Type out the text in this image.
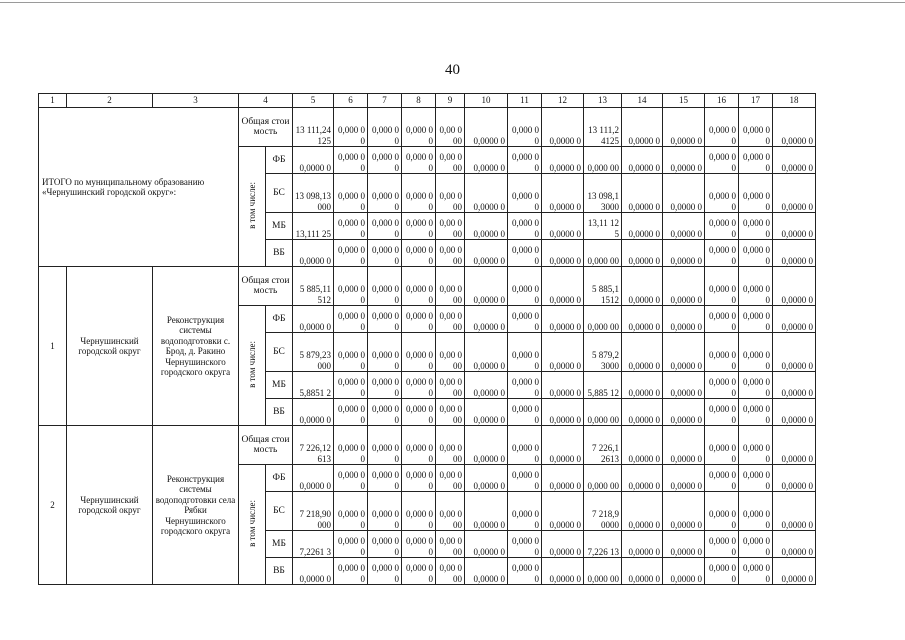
40
1	2	3	4		5	6	7	8	9	10	11	12	13	14	15	16	17	18
ИТОГО по муниципальному образованию «Чернушинский городской округ»:			Общая стоимость		13 111,24 125	0,000 00	0,000 00	0,000 00	0,00 000	0,0000 0	0,000 00	0,0000 0	13 111,2 4125	0,0000 0	0,0000 0	0,000 00	0,000 00	0,0000 0
			в том числе:	ФБ	0,0000 0	0,000 00	0,000 00	0,000 00	0,00 000	0,0000 0	0,000 00	0,0000 0	0,000 00	0,0000 0	0,0000 0	0,000 00	0,000 00	0,0000 0
				БС	13 098,13 000	0,000 00	0,000 00	0,000 00	0,00 000	0,0000 0	0,000 00	0,0000 0	13 098,1 3000	0,0000 0	0,0000 0	0,000 00	0,000 00	0,0000 0
				МБ	13,111 25	0,000 00	0,000 00	0,000 00	0,00 000	0,0000 0	0,000 00	0,0000 0	13,11 125	0,0000 0	0,0000 0	0,000 00	0,000 00	0,0000 0
				ВБ	0,0000 0	0,000 00	0,000 00	0,000 00	0,00 000	0,0000 0	0,000 00	0,0000 0	0,000 00	0,0000 0	0,0000 0	0,000 00	0,000 00	0,0000 0
1	Чернушинский городской округ	Реконструкция системы водоподготовки с. Брод, д. Ракино Чернушинского городского округа	Общая стоимость		5 885,11 512	0,000 00	0,000 00	0,000 00	0,00 000	0,0000 0	0,000 00	0,0000 0	5 885,1 1512	0,0000 0	0,0000 0	0,000 00	0,000 00	0,0000 0
			в том числе:	ФБ	0,0000 0	0,000 00	0,000 00	0,000 00	0,00 000	0,0000 0	0,000 00	0,0000 0	0,000 00	0,0000 0	0,0000 0	0,000 00	0,000 00	0,0000 0
				БС	5 879,23 000	0,000 00	0,000 00	0,000 00	0,00 000	0,0000 0	0,000 00	0,0000 0	5 879,2 3000	0,0000 0	0,0000 0	0,000 00	0,000 00	0,0000 0
				МБ	5,8851 2	0,000 00	0,000 00	0,000 00	0,00 000	0,0000 0	0,000 00	0,0000 0	5,885 12	0,0000 0	0,0000 0	0,000 00	0,000 00	0,0000 0
				ВБ	0,0000 0	0,000 00	0,000 00	0,000 00	0,00 000	0,0000 0	0,000 00	0,0000 0	0,000 00	0,0000 0	0,0000 0	0,000 00	0,000 00	0,0000 0
2	Чернушинский городской округ	Реконструкция системы водоподготовки села Рябки Чернушинского городского округа	Общая стоимость		7 226,12 613	0,000 00	0,000 00	0,000 00	0,00 000	0,0000 0	0,000 00	0,0000 0	7 226,1 2613	0,0000 0	0,0000 0	0,000 00	0,000 00	0,0000 0
			в том числе:	ФБ	0,0000 0	0,000 00	0,000 00	0,000 00	0,00 000	0,0000 0	0,000 00	0,0000 0	0,000 00	0,0000 0	0,0000 0	0,000 00	0,000 00	0,0000 0
				БС	7 218,90 000	0,000 00	0,000 00	0,000 00	0,00 000	0,0000 0	0,000 00	0,0000 0	7 218,9 0000	0,0000 0	0,0000 0	0,000 00	0,000 00	0,0000 0
				МБ	7,2261 3	0,000 00	0,000 00	0,000 00	0,00 000	0,0000 0	0,000 00	0,0000 0	7,226 13	0,0000 0	0,0000 0	0,000 00	0,000 00	0,0000 0
				ВБ	0,0000 0	0,000 00	0,000 00	0,000 00	0,00 000	0,0000 0	0,000 00	0,0000 0	0,000 00	0,0000 0	0,0000 0	0,000 00	0,000 00	0,0000 0
